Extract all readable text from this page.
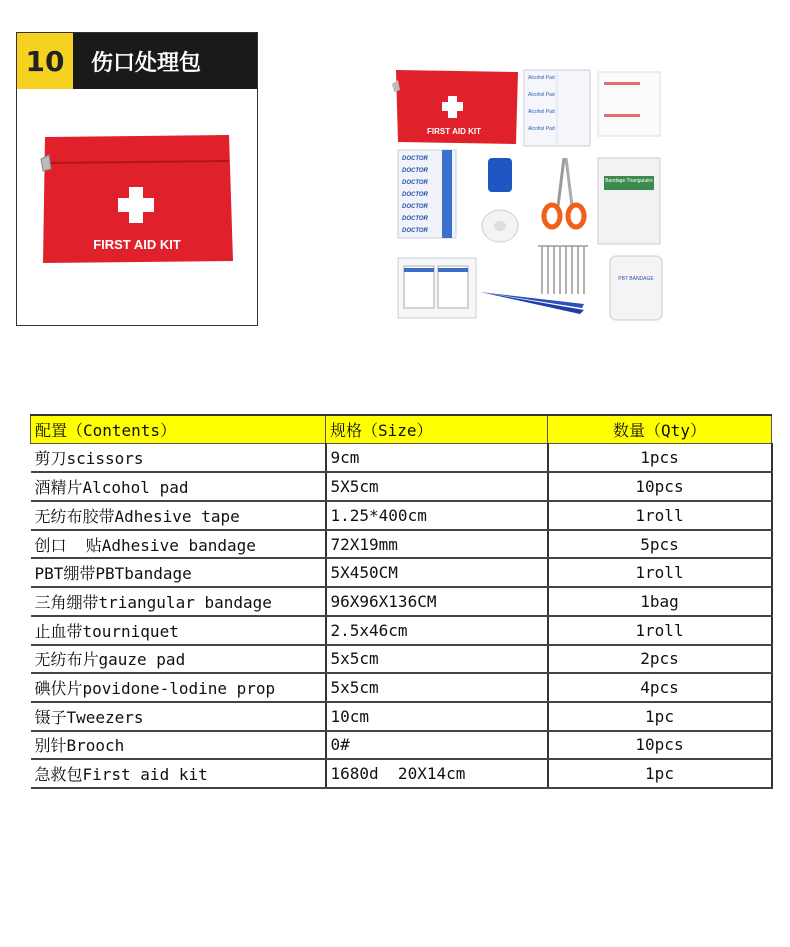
10	伤口处理包
FIRST AID KIT
FIRST AID KIT
Alcohol Pad
Alcohol Pad
Alcohol Pad
Alcohol Pad
DOCTOR
DOCTOR
DOCTOR
DOCTOR
DOCTOR
DOCTOR
DOCTOR
Bandage Triangulaire
PBT BANDAGE
配置（Contents）	规格（Size）	数量（Qty）
剪刀scissors	9cm	1pcs
酒精片Alcohol pad	5X5cm	10pcs
无纺布胶带Adhesive tape	1.25*400cm	1roll
创口  贴Adhesive bandage	72X19mm	5pcs
PBT绷带PBTbandage	5X450CM	1roll
三角绷带triangular bandage	96X96X136CM	1bag
止血带tourniquet	2.5x46cm	1roll
无纺布片gauze pad	5x5cm	2pcs
碘伏片povidone-lodine prop	5x5cm	4pcs
镊子Tweezers	10cm	1pc
别针Brooch	0#	10pcs
急救包First aid kit	1680d  20X14cm	1pc
